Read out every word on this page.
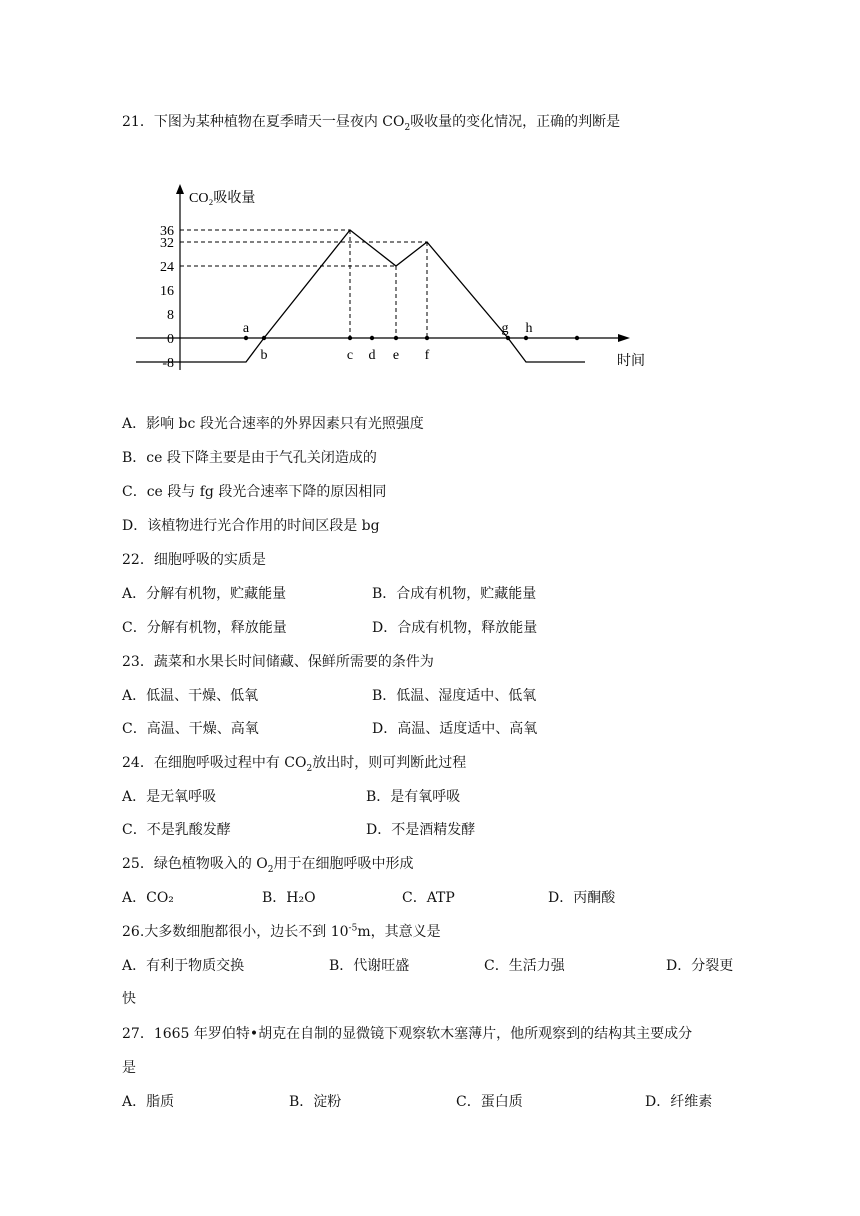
21．下图为某种植物在夏季晴天一昼夜内 $CO_2$吸收量的变化情况，正确的判断是
CO₂吸收量
时间
36
32
24
16
8
0
-8
a
b	c d e f
g h
A．影响 bc 段光合速率的外界因素只有光照强度
B．ce 段下降主要是由于气孔关闭造成的
C．ce 段与 fg 段光合速率下降的原因相同
D．该植物进行光合作用的时间区段是 bg
22．细胞呼吸的实质是
A．分解有机物，贮藏能量	B．合成有机物，贮藏能量
C．分解有机物，释放能量	D．合成有机物，释放能量
23．蔬菜和水果长时间储藏、保鲜所需要的条件为
A．低温、干燥、低氧	B．低温、湿度适中、低氧
C．高温、干燥、高氧	D．高温、适度适中、高氧
24．在细胞呼吸过程中有 $CO_2$放出时，则可判断此过程
A．是无氧呼吸	B．是有氧呼吸
C．不是乳酸发酵	D．不是酒精发酵
25．绿色植物吸入的 $O_2$用于在细胞呼吸中形成
A．CO₂	B．H₂O	C．ATP	D．丙酮酸
26.大多数细胞都很小，边长不到 $10^{-5}m$，其意义是
A．有利于物质交换	B．代谢旺盛	C．生活力强	D．分裂更
快
27．1665 年罗伯特•胡克在自制的显微镜下观察软木塞薄片，他所观察到的结构其主要成分
是
A．脂质	B．淀粉	C．蛋白质	D．纤维素
